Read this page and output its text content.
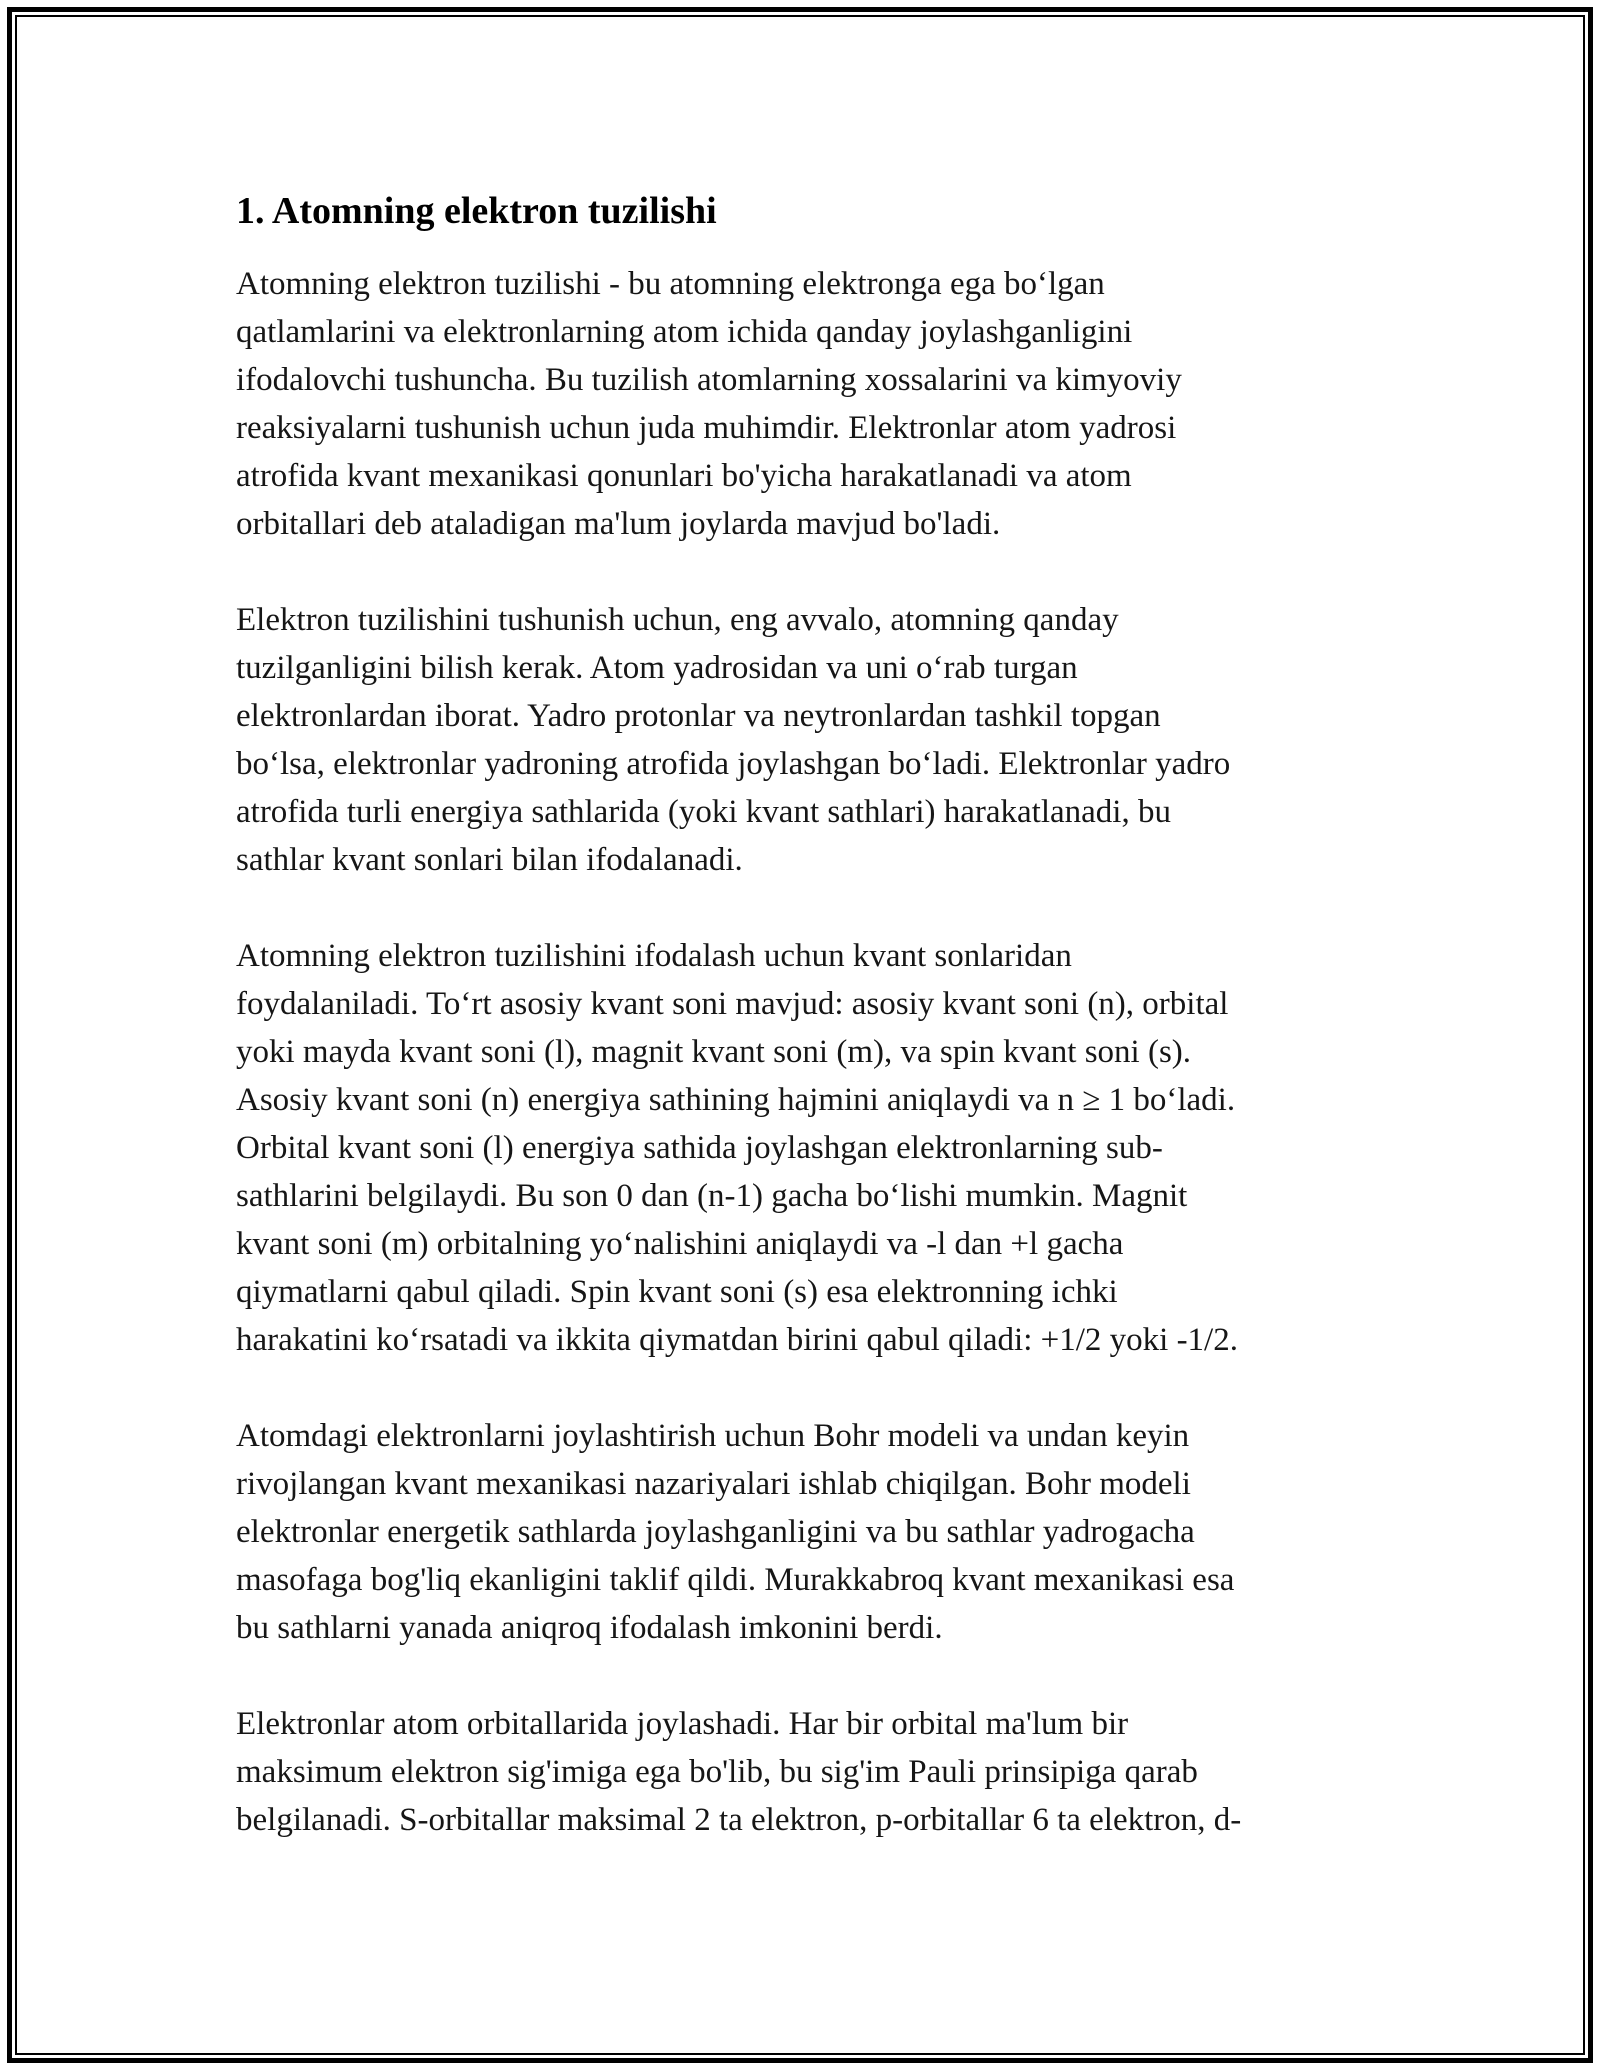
1. Atomning elektron tuzilishi

Atomning elektron tuzilishi - bu atomning elektronga ega bo‘lgan
qatlamlarini va elektronlarning atom ichida qanday joylashganligini
ifodalovchi tushuncha. Bu tuzilish atomlarning xossalarini va kimyoviy
reaksiyalarni tushunish uchun juda muhimdir. Elektronlar atom yadrosi
atrofida kvant mexanikasi qonunlari bo'yicha harakatlanadi va atom
orbitallari deb ataladigan ma'lum joylarda mavjud bo'ladi.

Elektron tuzilishini tushunish uchun, eng avvalo, atomning qanday
tuzilganligini bilish kerak. Atom yadrosidan va uni o‘rab turgan
elektronlardan iborat. Yadro protonlar va neytronlardan tashkil topgan
bo‘lsa, elektronlar yadroning atrofida joylashgan bo‘ladi. Elektronlar yadro
atrofida turli energiya sathlarida (yoki kvant sathlari) harakatlanadi, bu
sathlar kvant sonlari bilan ifodalanadi.

Atomning elektron tuzilishini ifodalash uchun kvant sonlaridan
foydalaniladi. To‘rt asosiy kvant soni mavjud: asosiy kvant soni (n), orbital
yoki mayda kvant soni (l), magnit kvant soni (m), va spin kvant soni (s).
Asosiy kvant soni (n) energiya sathining hajmini aniqlaydi va n ≥ 1 bo‘ladi.
Orbital kvant soni (l) energiya sathida joylashgan elektronlarning sub-
sathlarini belgilaydi. Bu son 0 dan (n-1) gacha bo‘lishi mumkin. Magnit
kvant soni (m) orbitalning yo‘nalishini aniqlaydi va -l dan +l gacha
qiymatlarni qabul qiladi. Spin kvant soni (s) esa elektronning ichki
harakatini ko‘rsatadi va ikkita qiymatdan birini qabul qiladi: +1/2 yoki -1/2.

Atomdagi elektronlarni joylashtirish uchun Bohr modeli va undan keyin
rivojlangan kvant mexanikasi nazariyalari ishlab chiqilgan. Bohr modeli
elektronlar energetik sathlarda joylashganligini va bu sathlar yadrogacha
masofaga bog'liq ekanligini taklif qildi. Murakkabroq kvant mexanikasi esa
bu sathlarni yanada aniqroq ifodalash imkonini berdi.

Elektronlar atom orbitallarida joylashadi. Har bir orbital ma'lum bir
maksimum elektron sig'imiga ega bo'lib, bu sig'im Pauli prinsipiga qarab
belgilanadi. S-orbitallar maksimal 2 ta elektron, p-orbitallar 6 ta elektron, d-
